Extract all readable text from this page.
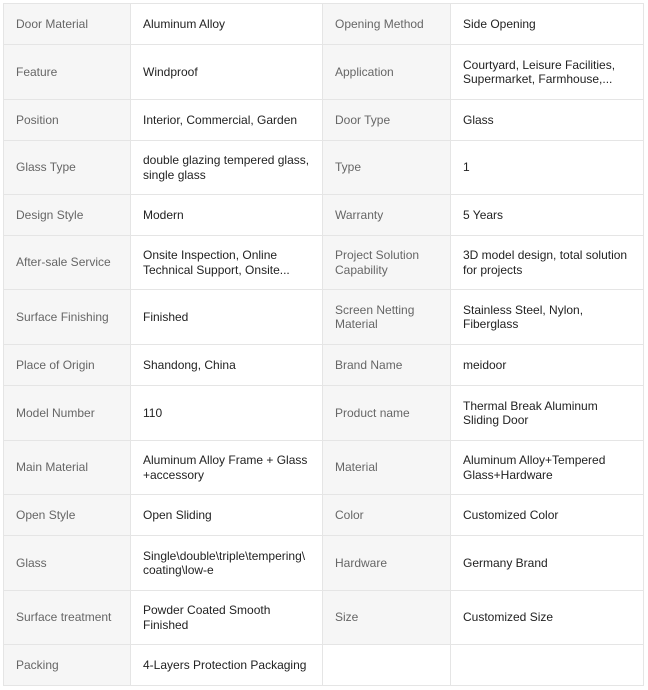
Door Material	Aluminum Alloy	Opening Method	Side Opening

Feature	Windproof	Application	Courtyard, Leisure Facilities, Supermarket, Farmhouse,...

Position	Interior, Commercial, Garden	Door Type	Glass

Glass Type	double glazing tempered glass, single glass	Type	1

Design Style	Modern	Warranty	5 Years

After-sale Service	Onsite Inspection, Online Technical Support, Onsite...	Project Solution Capability	3D model design, total solution for projects

Surface Finishing	Finished	Screen Netting Material	Stainless Steel, Nylon, Fiberglass

Place of Origin	Shandong, China	Brand Name	meidoor

Model Number	110	Product name	Thermal Break Aluminum Sliding Door

Main Material	Aluminum Alloy Frame + Glass +accessory	Material	Aluminum Alloy+Tempered Glass+Hardware

Open Style	Open Sliding	Color	Customized Color

Glass	Single\double\triple\tempering\ coating\low-e	Hardware	Germany Brand

Surface treatment	Powder Coated Smooth Finished	Size	Customized Size

Packing	4-Layers Protection Packaging		
